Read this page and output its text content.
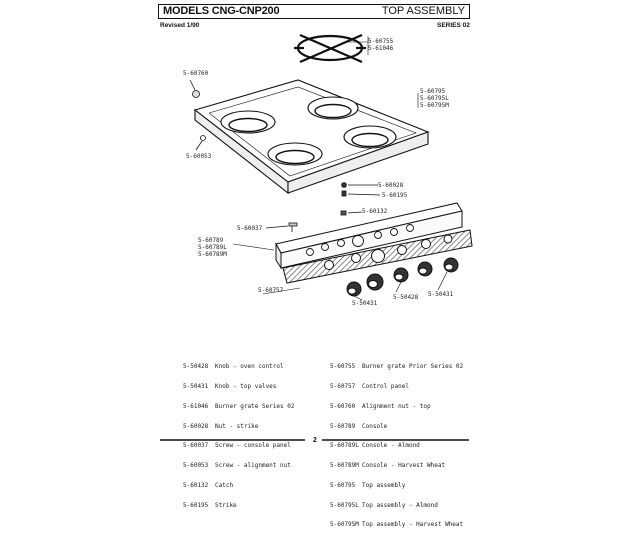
MODELS CNG-CNP200	TOP ASSEMBLY
Revised 1/90	SERIES 02
5-60755
5-61046
5-60760
5-60795
5-60795L
5-60795M
5-60053
5-60028
5-60195
5-60132
5-60037
5-60789
5-60789L
5-60789M
5-60757
5-50428 5-50431
5-50431

5-50428	Knob - oven control

5-50431	Knob - top valves

5-61046	Burner grate Series 02

5-60028	Nut - strike

5-60037	Screw - console panel

5-60053	Screw - alignment nut

5-60132	Catch

5-60195	Strike

5-60755	Burner grate Prior Series 02

5-60757	Control panel

5-60760	Alignment nut - top

5-60789	Console

5-60789L Console - Almond

5-60789M Console - Harvest Wheat

5-60795	Top assembly

5-60795L Top assembly - Almond

5-60795M Top assembly - Harvest Wheat

2
